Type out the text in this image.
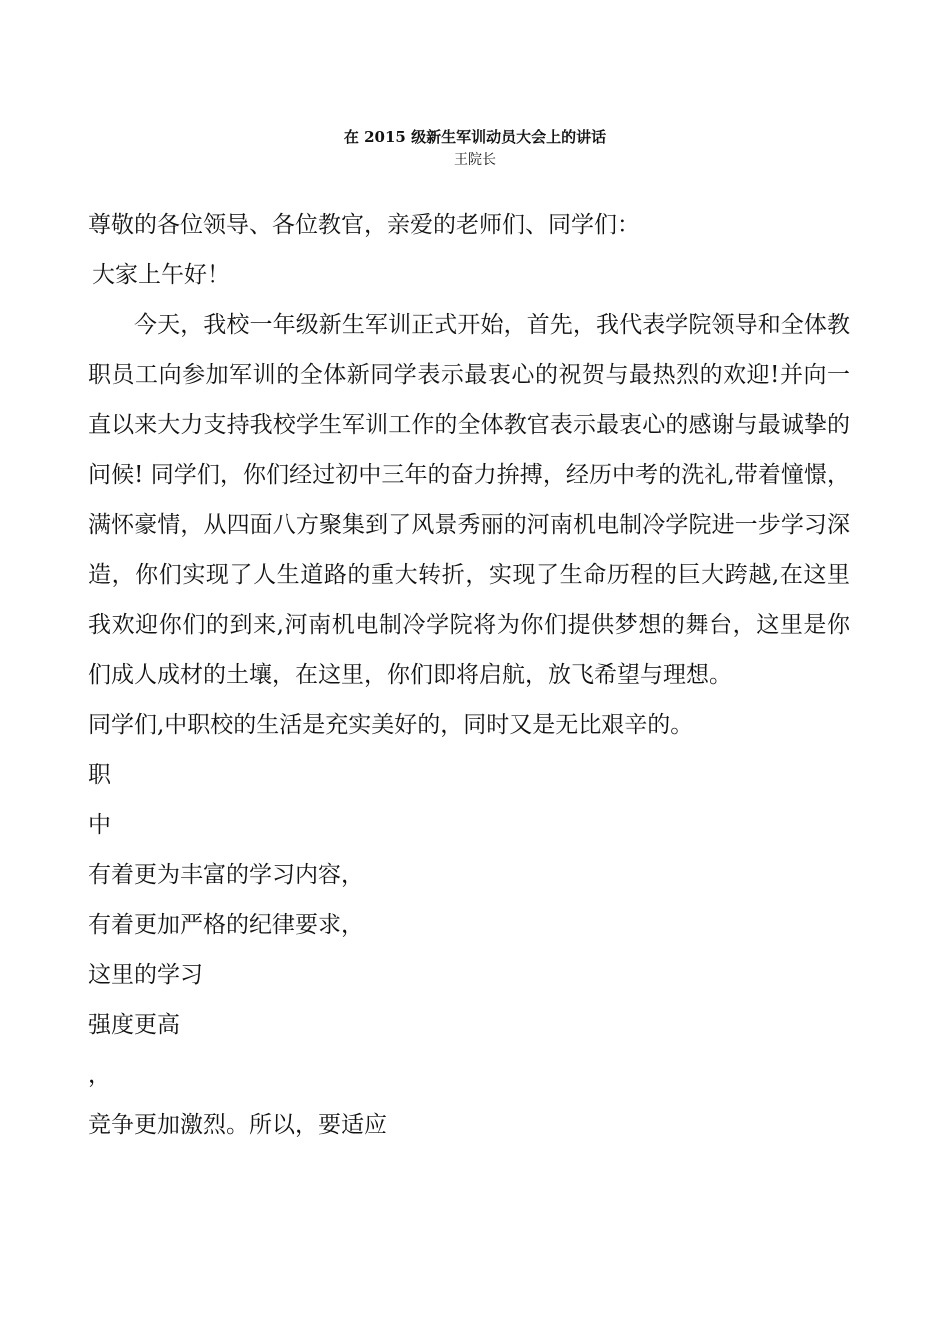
在 2015 级新生军训动员大会上的讲话
王院长

尊敬的各位领导、各位教官，亲爱的老师们、同学们：

大家上午好！

今天，我校一年级新生军训正式开始，首先，我代表学院领导和全体教职员工向参加军训的全体新同学表示最衷心的祝贺与最热烈的欢迎!并向一直以来大力支持我校学生军训工作的全体教官表示最衷心的感谢与最诚挚的问候! 同学们，你们经过初中三年的奋力拚搏，经历中考的洗礼,带着憧憬，满怀豪情，从四面八方聚集到了风景秀丽的河南机电制冷学院进一步学习深造，你们实现了人生道路的重大转折，实现了生命历程的巨大跨越,在这里我欢迎你们的到来,河南机电制冷学院将为你们提供梦想的舞台，这里是你们成人成材的土壤，在这里，你们即将启航，放飞希望与理想。

同学们,中职校的生活是充实美好的，同时又是无比艰辛的。

职

中

有着更为丰富的学习内容，

有着更加严格的纪律要求，

这里的学习

强度更高

，

竞争更加激烈。所以，要适应
